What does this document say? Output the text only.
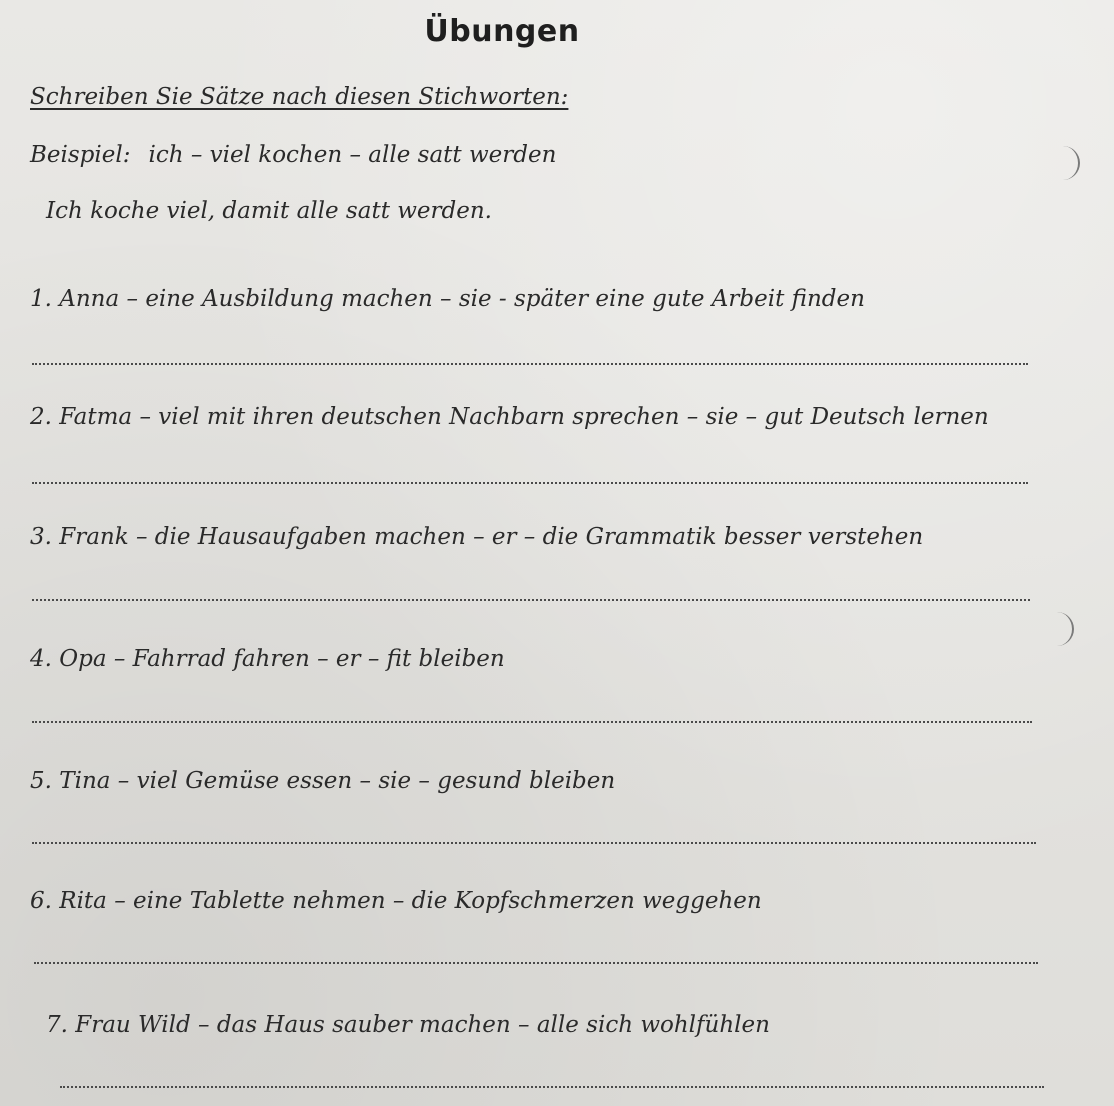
Übungen
Schreiben Sie Sätze nach diesen Stichworten:
Beispiel: ich – viel kochen – alle satt werden
Ich koche viel, damit alle satt werden.
1. Anna – eine Ausbildung machen – sie - später eine gute Arbeit finden
2. Fatma – viel mit ihren deutschen Nachbarn sprechen – sie – gut Deutsch lernen
3. Frank – die Hausaufgaben machen – er – die Grammatik besser verstehen
4. Opa – Fahrrad fahren – er – fit bleiben
5. Tina – viel Gemüse essen – sie – gesund bleiben
6. Rita – eine Tablette nehmen – die Kopfschmerzen weggehen
7. Frau Wild – das Haus sauber machen – alle sich wohlfühlen
